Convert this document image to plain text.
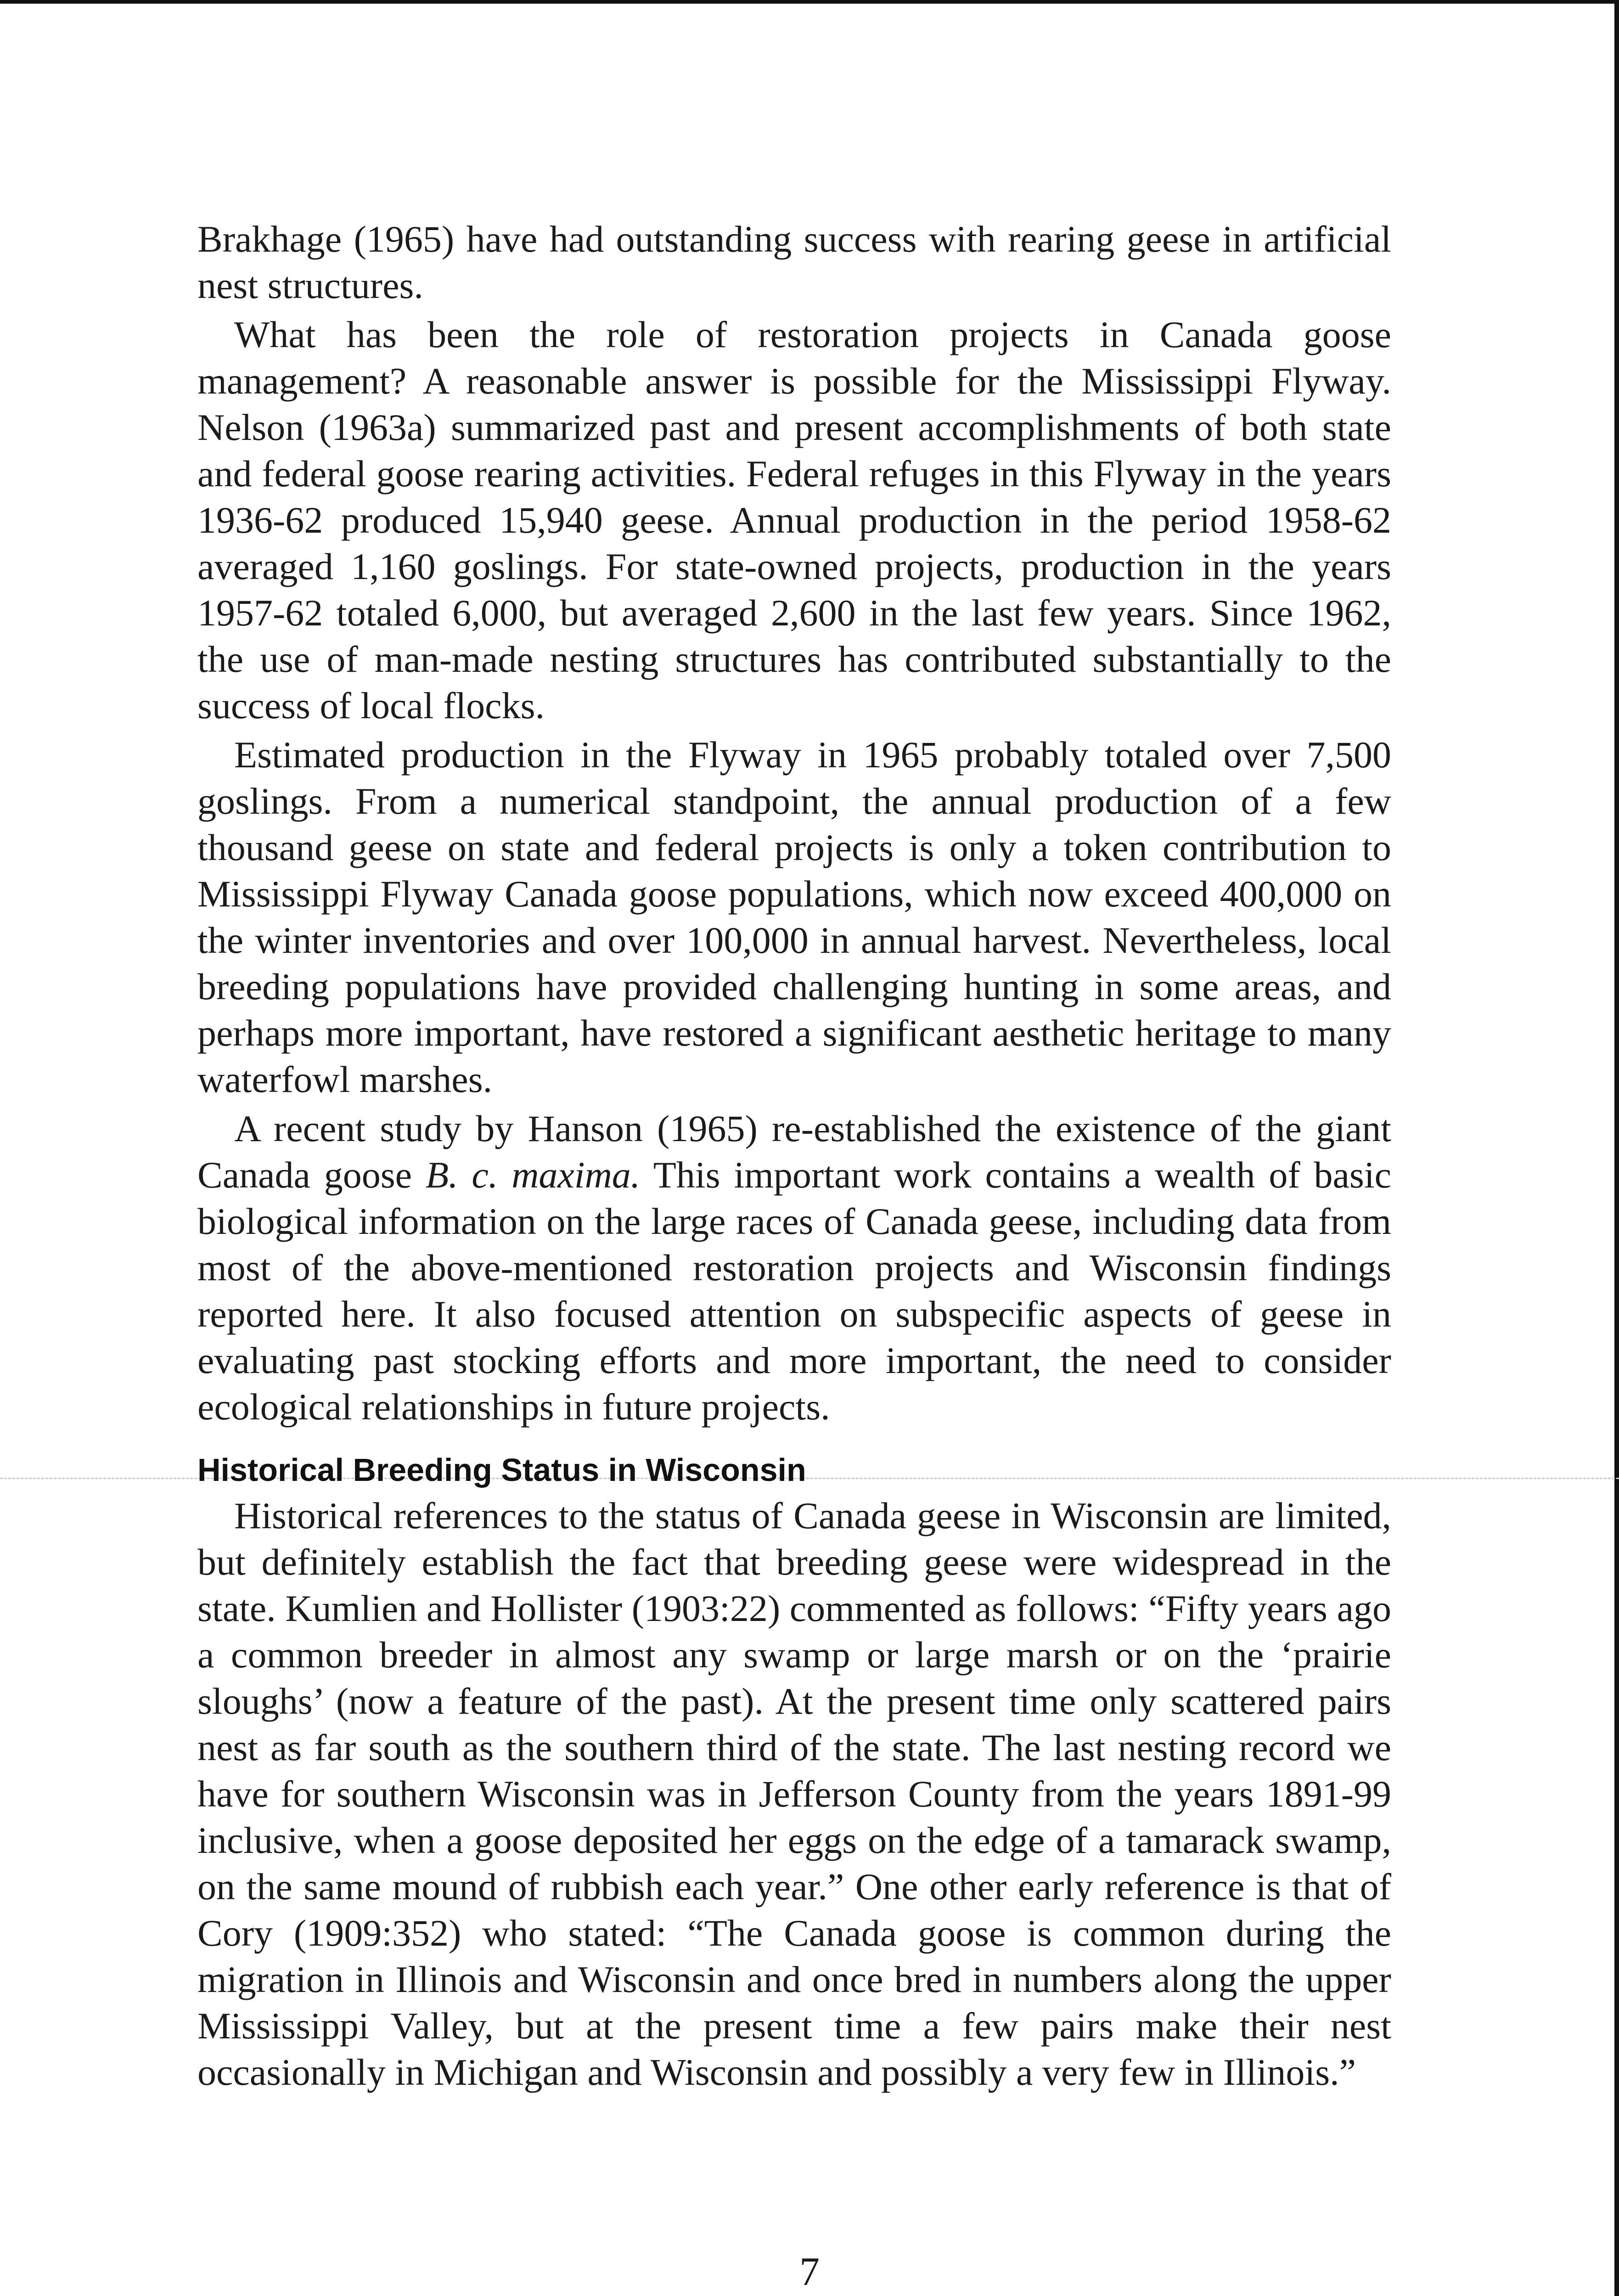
Brakhage (1965) have had outstanding success with rearing geese in artificial nest structures.

What has been the role of restoration projects in Canada goose management? A reasonable answer is possible for the Mississippi Flyway. Nelson (1963a) summarized past and present accomplishments of both state and federal goose rearing activities. Federal refuges in this Flyway in the years 1936-62 produced 15,940 geese. Annual production in the period 1958-62 averaged 1,160 goslings. For state-owned projects, production in the years 1957-62 totaled 6,000, but averaged 2,600 in the last few years. Since 1962, the use of man-made nesting structures has contributed substantially to the success of local flocks.

Estimated production in the Flyway in 1965 probably totaled over 7,500 goslings. From a numerical standpoint, the annual production of a few thousand geese on state and federal projects is only a token contribution to Mississippi Flyway Canada goose populations, which now exceed 400,000 on the winter inventories and over 100,000 in annual harvest. Nevertheless, local breeding populations have provided challenging hunting in some areas, and perhaps more important, have restored a significant aesthetic heritage to many waterfowl marshes.

A recent study by Hanson (1965) re-established the existence of the giant Canada goose B. c. maxima. This important work contains a wealth of basic biological information on the large races of Canada geese, including data from most of the above-mentioned restoration projects and Wisconsin findings reported here. It also focused attention on subspecific aspects of geese in evaluating past stocking efforts and more important, the need to consider ecological relationships in future projects.

Historical Breeding Status in Wisconsin

Historical references to the status of Canada geese in Wisconsin are limited, but definitely establish the fact that breeding geese were widespread in the state. Kumlien and Hollister (1903:22) commented as follows: “Fifty years ago a common breeder in almost any swamp or large marsh or on the ‘prairie sloughs’ (now a feature of the past). At the present time only scattered pairs nest as far south as the southern third of the state. The last nesting record we have for southern Wisconsin was in Jefferson County from the years 1891-99 inclusive, when a goose deposited her eggs on the edge of a tamarack swamp, on the same mound of rubbish each year.” One other early reference is that of Cory (1909:352) who stated: “The Canada goose is common during the migration in Illinois and Wisconsin and once bred in numbers along the upper Mississippi Valley, but at the present time a few pairs make their nest occasionally in Michigan and Wisconsin and possibly a very few in Illinois.”

7
